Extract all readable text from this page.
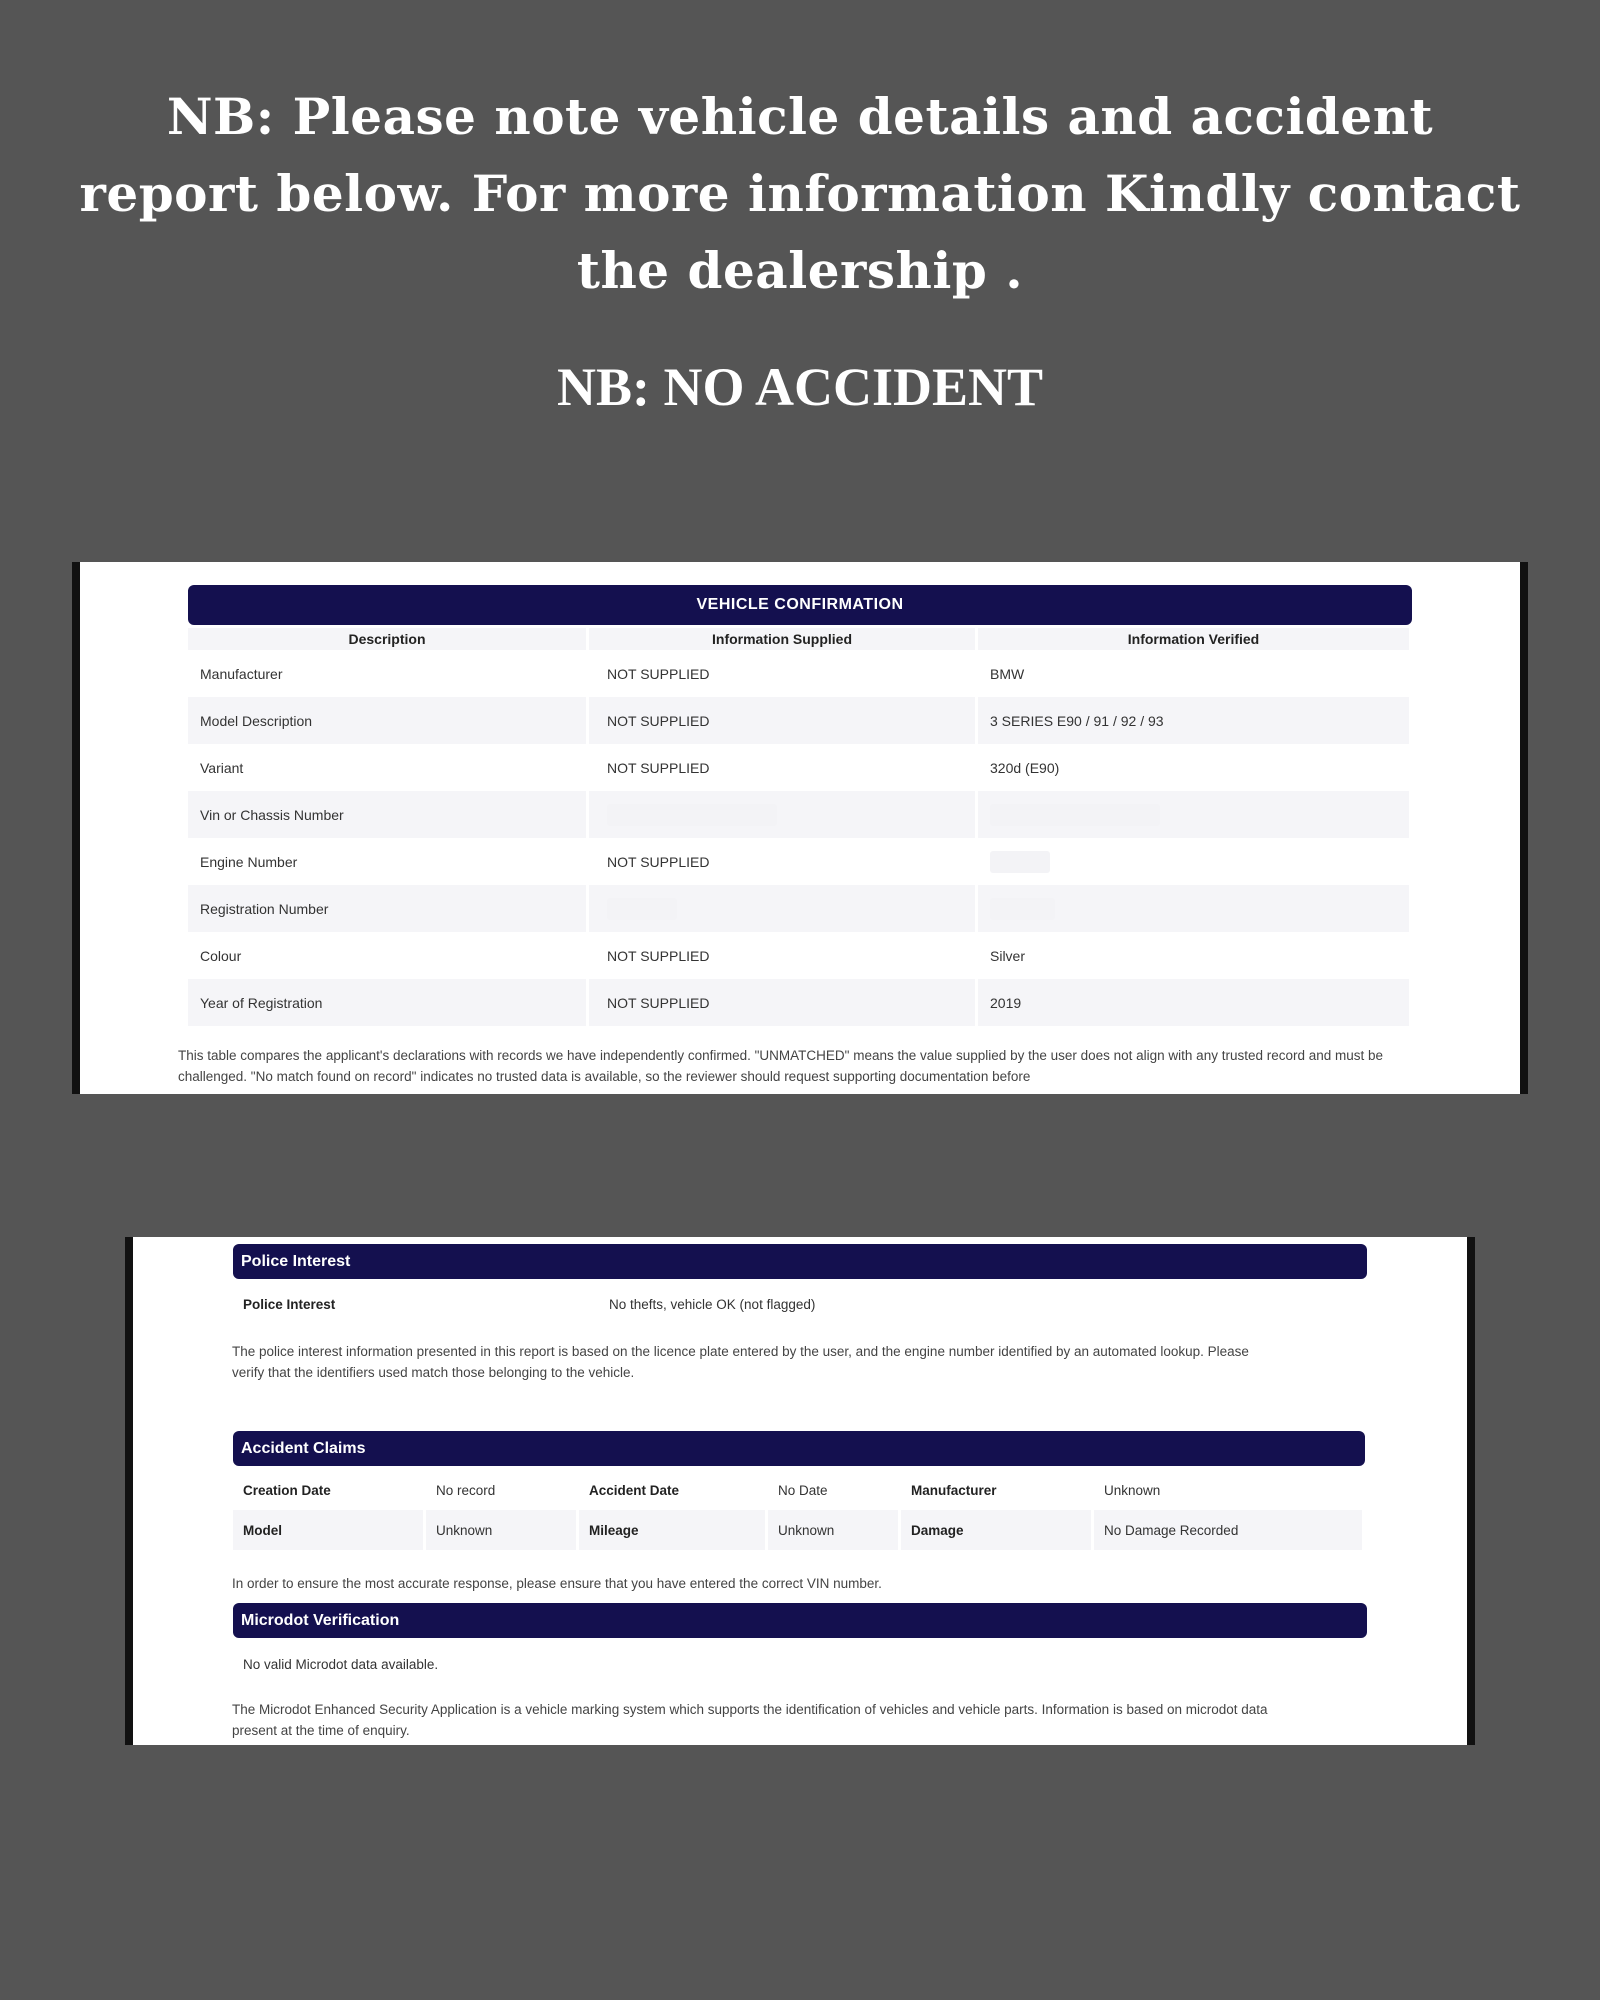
NB: Please note vehicle details and accident
report below. For more information Kindly contact
the dealership .
NB: NO ACCIDENT
VEHICLE CONFIRMATION
Description	Information Supplied	Information Verified
Manufacturer	NOT SUPPLIED	BMW
Model Description	NOT SUPPLIED	3 SERIES E90 / 91 / 92 / 93
Variant	NOT SUPPLIED	320d (E90)
Vin or Chassis Number		
Engine Number	NOT SUPPLIED	
Registration Number		
Colour	NOT SUPPLIED	Silver
Year of Registration	NOT SUPPLIED	2019

This table compares the applicant's declarations with records we have independently confirmed. "UNMATCHED" means the value supplied by the user does not align with any trusted record and must be challenged. "No match found on record" indicates no trusted data is available, so the reviewer should request supporting documentation before

Police Interest
Police Interest	No thefts, vehicle OK (not flagged)

The police interest information presented in this report is based on the licence plate entered by the user, and the engine number identified by an automated lookup. Please
verify that the identifiers used match those belonging to the vehicle.

Accident Claims
Creation Date	No record	Accident Date	No Date	Manufacturer	Unknown
Model	Unknown	Mileage	Unknown	Damage	No Damage Recorded

In order to ensure the most accurate response, please ensure that you have entered the correct VIN number.

Microdot Verification
No valid Microdot data available.

The Microdot Enhanced Security Application is a vehicle marking system which supports the identification of vehicles and vehicle parts. Information is based on microdot data
present at the time of enquiry.
